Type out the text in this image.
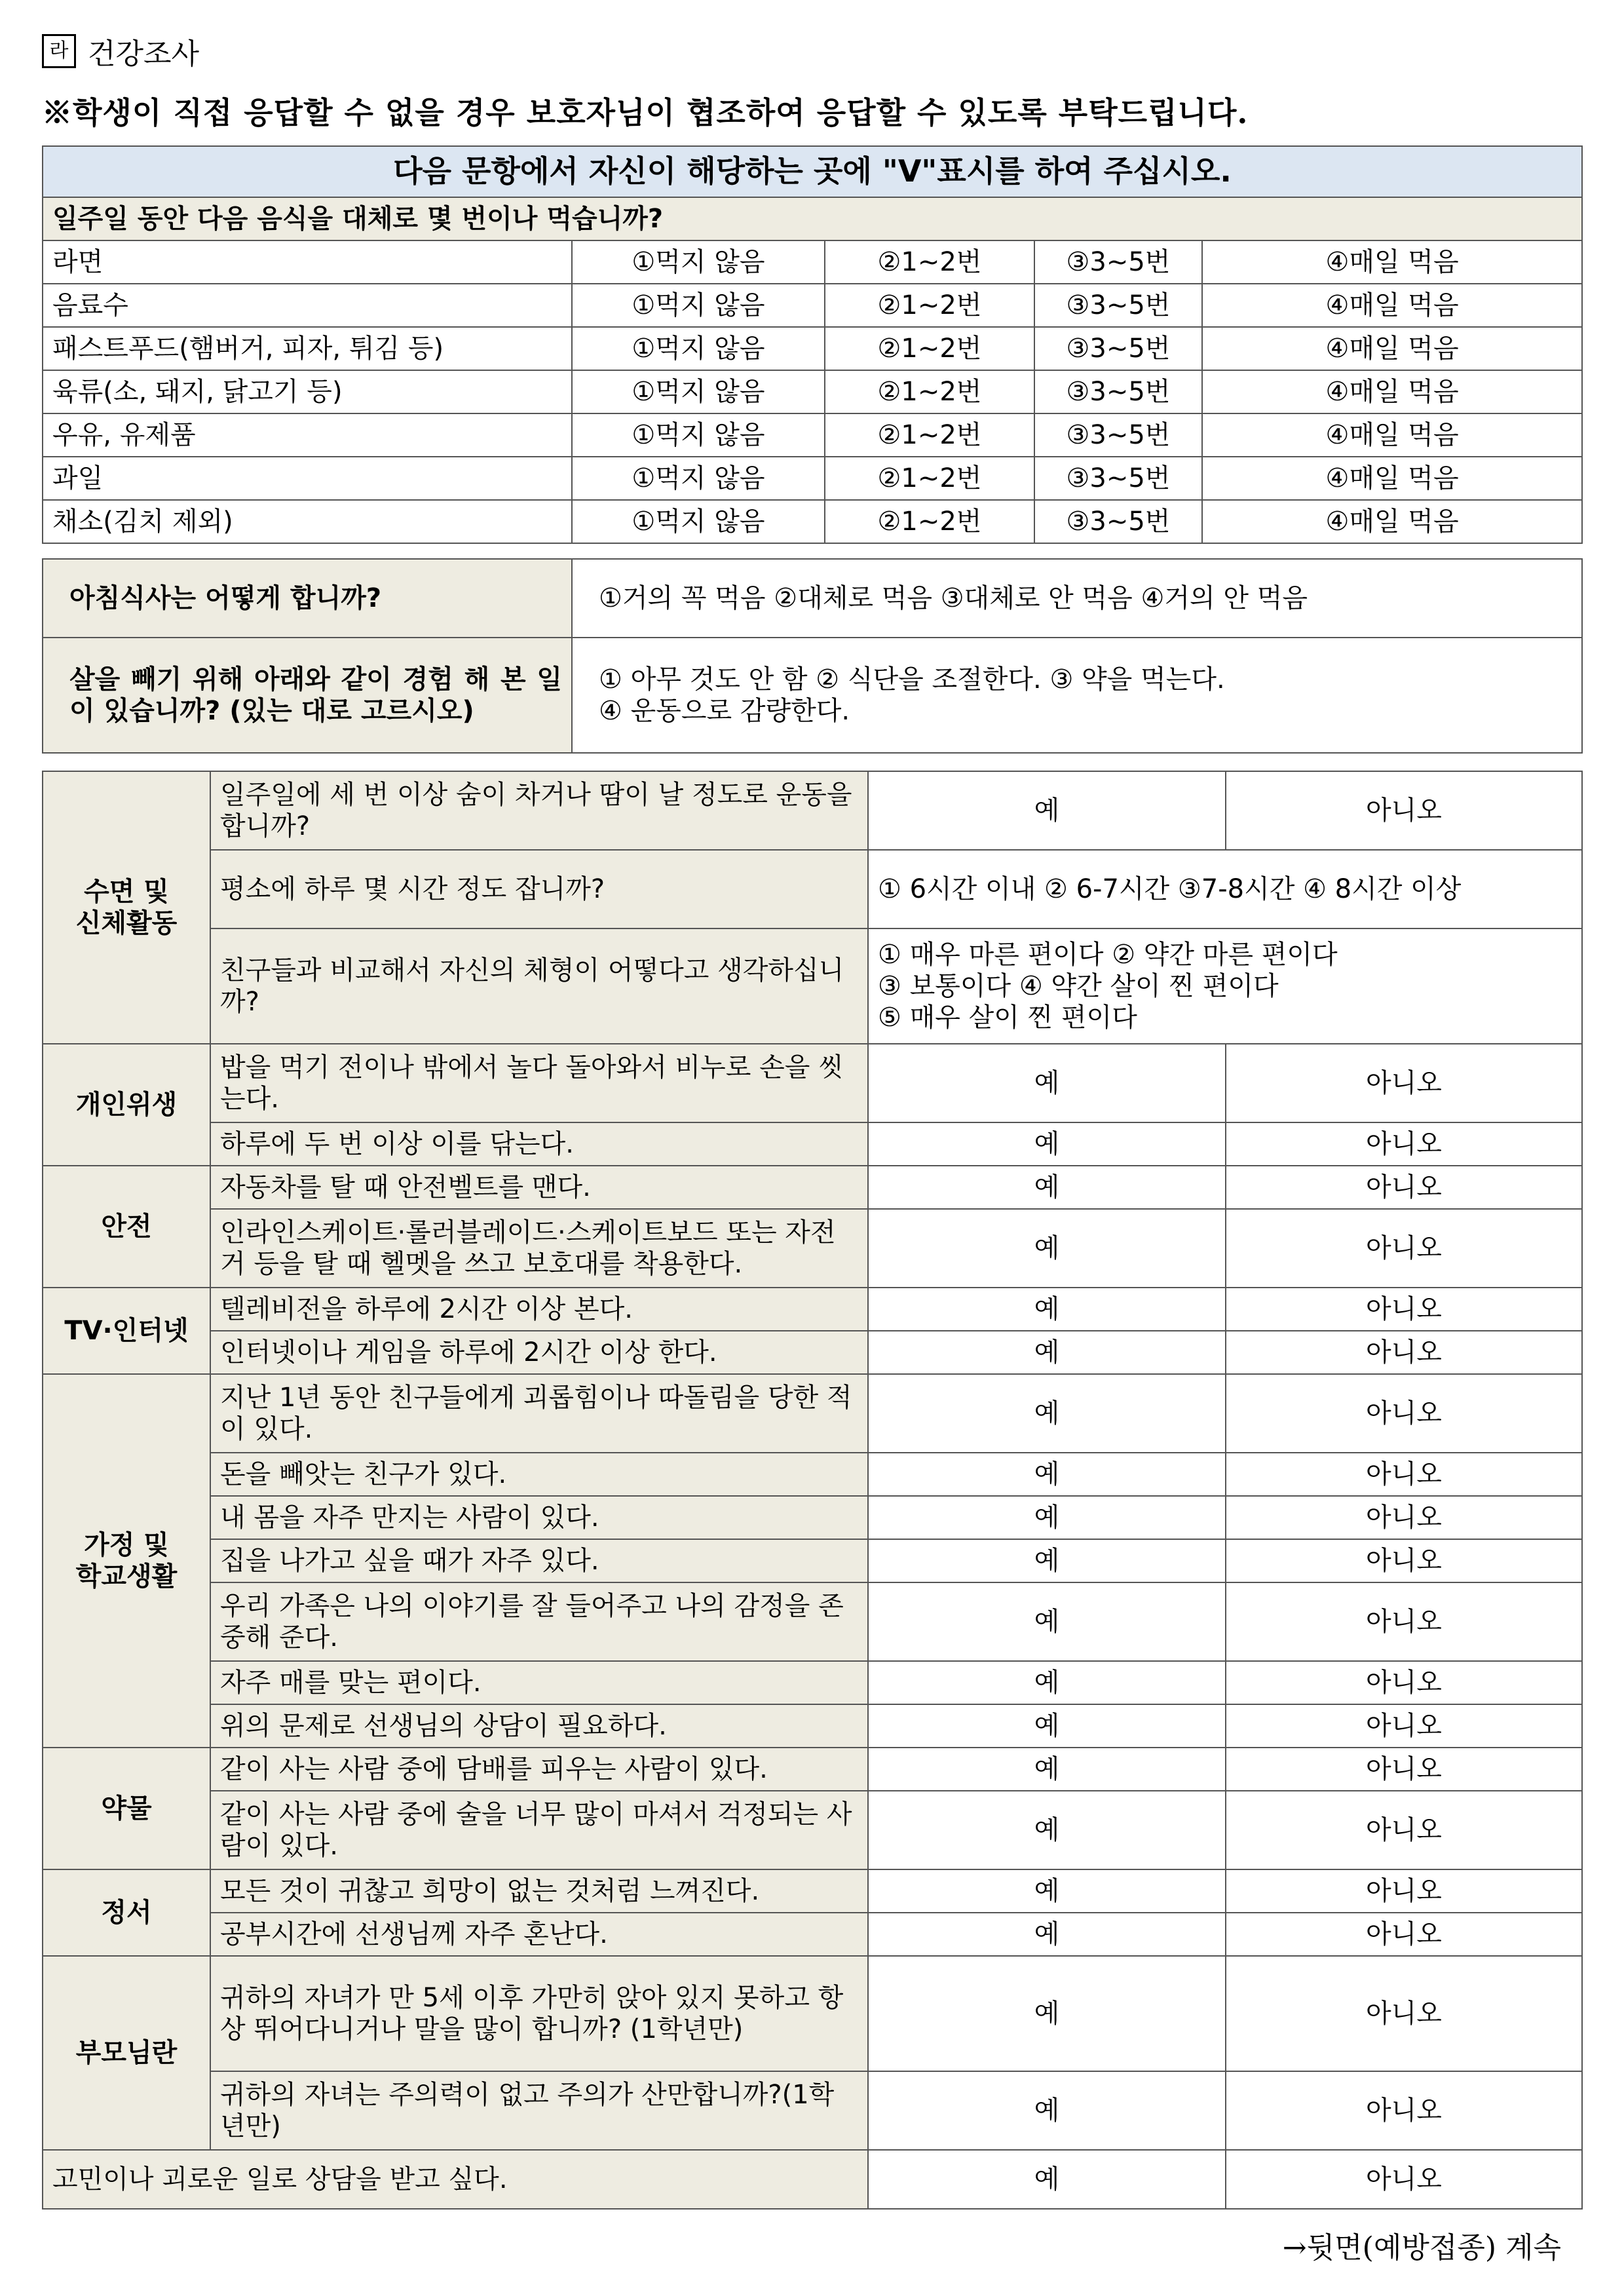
라 건강조사
※학생이 직접 응답할 수 없을 경우 보호자님이 협조하여 응답할 수 있도록 부탁드립니다.
다음 문항에서 자신이 해당하는 곳에 "V"표시를 하여 주십시오.				
일주일 동안 다음 음식을 대체로 몇 번이나 먹습니까?				
라면	①먹지 않음	②1~2번	③3~5번	④매일 먹음
음료수	①먹지 않음	②1~2번	③3~5번	④매일 먹음
패스트푸드(햄버거, 피자, 튀김 등)	①먹지 않음	②1~2번	③3~5번	④매일 먹음
육류(소, 돼지, 닭고기 등)	①먹지 않음	②1~2번	③3~5번	④매일 먹음
우유, 유제품	①먹지 않음	②1~2번	③3~5번	④매일 먹음
과일	①먹지 않음	②1~2번	③3~5번	④매일 먹음
채소(김치 제외)	①먹지 않음	②1~2번	③3~5번	④매일 먹음
아침식사는 어떻게 합니까?	①거의 꼭 먹음 ②대체로 먹음 ③대체로 안 먹음 ④거의 안 먹음
살을 빼기 위해 아래와 같이 경험 해 본 일이 있습니까? (있는 대로 고르시오)	① 아무 것도 안 함 ② 식단을 조절한다. ③ 약을 먹는다.
④ 운동으로 감량한다.
수면 및
신체활동	일주일에 세 번 이상 숨이 차거나 땀이 날 정도로 운동을 합니까?	예	아니오
	평소에 하루 몇 시간 정도 잡니까?	① 6시간 이내 ② 6-7시간 ③7-8시간 ④ 8시간 이상	
	친구들과 비교해서 자신의 체형이 어떻다고 생각하십니까?	① 매우 마른 편이다 ② 약간 마른 편이다
③ 보통이다 ④ 약간 살이 찐 편이다
⑤ 매우 살이 찐 편이다	

개인위생	밥을 먹기 전이나 밖에서 놀다 돌아와서 비누로 손을 씻는다.	예	아니오
	하루에 두 번 이상 이를 닦는다.	예	아니오
안전	자동차를 탈 때 안전벨트를 맨다.	예	아니오
	인라인스케이트·롤러블레이드·스케이트보드 또는 자전거 등을 탈 때 헬멧을 쓰고 보호대를 착용한다.	예	아니오
TV·인터넷	텔레비전을 하루에 2시간 이상 본다.	예	아니오
	인터넷이나 게임을 하루에 2시간 이상 한다.	예	아니오
가정 및
학교생활	지난 1년 동안 친구들에게 괴롭힘이나 따돌림을 당한 적이 있다.	예	아니오
	돈을 빼앗는 친구가 있다.	예	아니오
	내 몸을 자주 만지는 사람이 있다.	예	아니오
	집을 나가고 싶을 때가 자주 있다.	예	아니오
	우리 가족은 나의 이야기를 잘 들어주고 나의 감정을 존중해 준다.	예	아니오
	자주 매를 맞는 편이다.	예	아니오
	위의 문제로 선생님의 상담이 필요하다.	예	아니오
약물	같이 사는 사람 중에 담배를 피우는 사람이 있다.	예	아니오
	같이 사는 사람 중에 술을 너무 많이 마셔서 걱정되는 사람이 있다.	예	아니오
정서	모든 것이 귀찮고 희망이 없는 것처럼 느껴진다.	예	아니오
	공부시간에 선생님께 자주 혼난다.	예	아니오
부모님란	귀하의 자녀가 만 5세 이후 가만히 앉아 있지 못하고 항상 뛰어다니거나 말을 많이 합니까? (1학년만)	예	아니오
	귀하의 자녀는 주의력이 없고 주의가 산만합니까?(1학년만)	예	아니오
고민이나 괴로운 일로 상담을 받고 싶다.		예	아니오
→뒷면(예방접종) 계속
